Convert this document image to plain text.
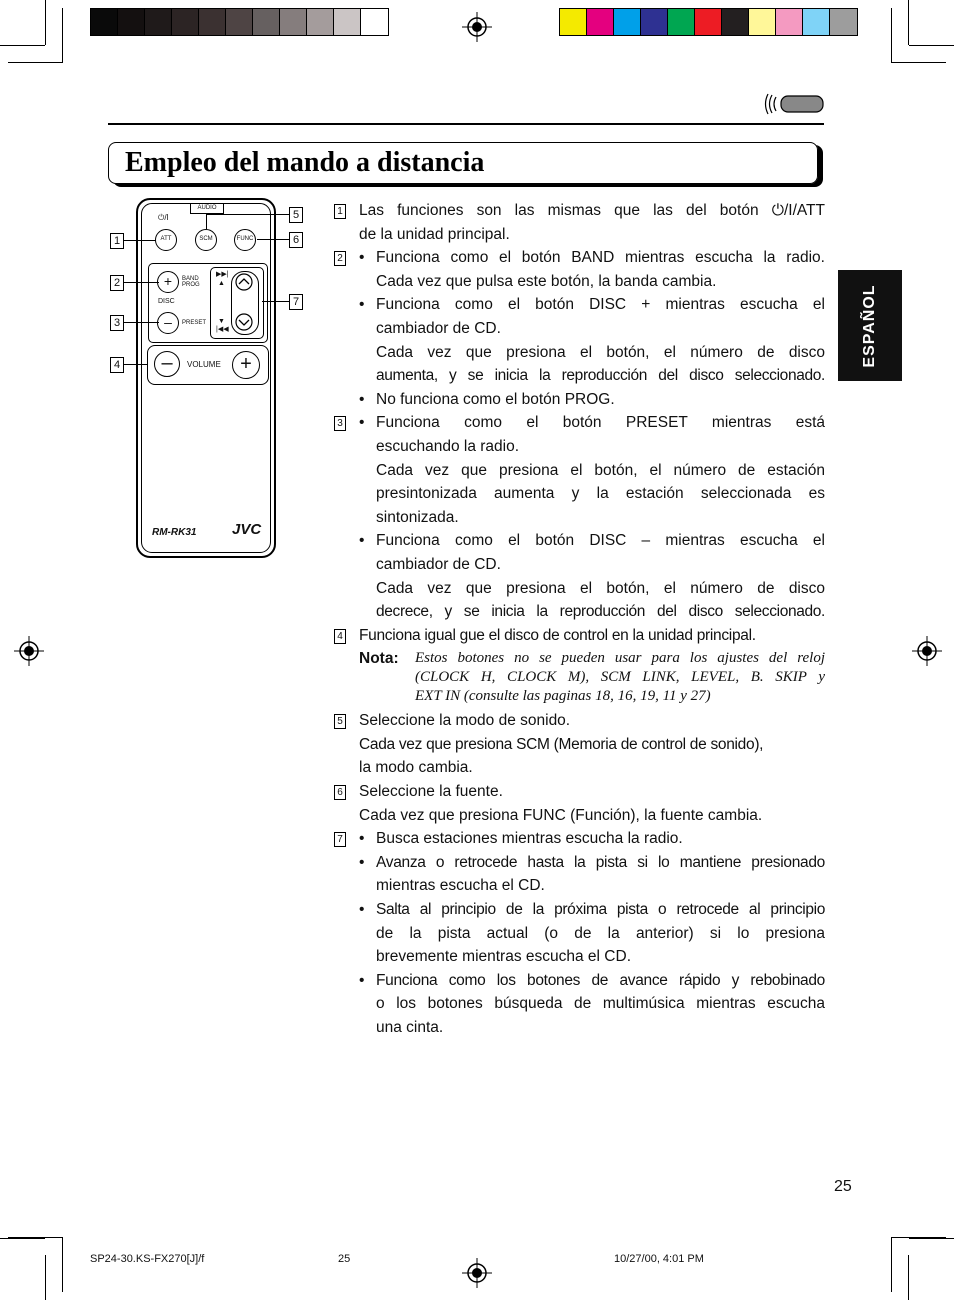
Empleo del mando a distancia
ESPAÑOL
AUDIO
⏻/I
ATT	SCM	FUNC
+	BAND
PROG
DISC
–	PRESET
▶▶|
▲
▼
|◀◀
–	VOLUME +
RM-RK31 JVC
1
2
3
4
5
6
7
1 Las funciones son las mismas que las del botón ⏻/I/ATT
de la unidad principal.
2 • Funciona como el botón BAND mientras escucha la radio.
Cada vez que pulsa este botón, la banda cambia.
• Funciona como el botón DISC + mientras escucha el
cambiador de CD.
Cada vez que presiona el botón, el número de disco
aumenta, y se inicia la reproducción del disco seleccionado.
• No funciona como el botón PROG.
3 • Funciona como el botón PRESET mientras está
escuchando la radio.
Cada vez que presiona el botón, el número de estación
presintonizada aumenta y la estación seleccionada es
sintonizada.
• Funciona como el botón DISC – mientras escucha el
cambiador de CD.
Cada vez que presiona el botón, el número de disco
decrece, y se inicia la reproducción del disco seleccionado.
4 Funciona igual gue el disco de control en la unidad principal.
Nota: Estos botones no se pueden usar para los ajustes del reloj
(CLOCK H, CLOCK M), SCM LINK, LEVEL, B. SKIP y
EXT IN (consulte las paginas 18, 16, 19, 11 y 27)
5 Seleccione la modo de sonido.
Cada vez que presiona SCM (Memoria de control de sonido),
la modo cambia.
6 Seleccione la fuente.
Cada vez que presiona FUNC (Función), la fuente cambia.
7 • Busca estaciones mientras escucha la radio.
• Avanza o retrocede hasta la pista si lo mantiene presionado
mientras escucha el CD.
• Salta al principio de la próxima pista o retrocede al principio
de la pista actual (o de la anterior) si lo presiona
brevemente mientras escucha el CD.
• Funciona como los botones de avance rápido y rebobinado
o los botones búsqueda de multimúsica mientras escucha
una cinta.
25
SP24-30.KS-FX270[J]/f	25	10/27/00, 4:01 PM
